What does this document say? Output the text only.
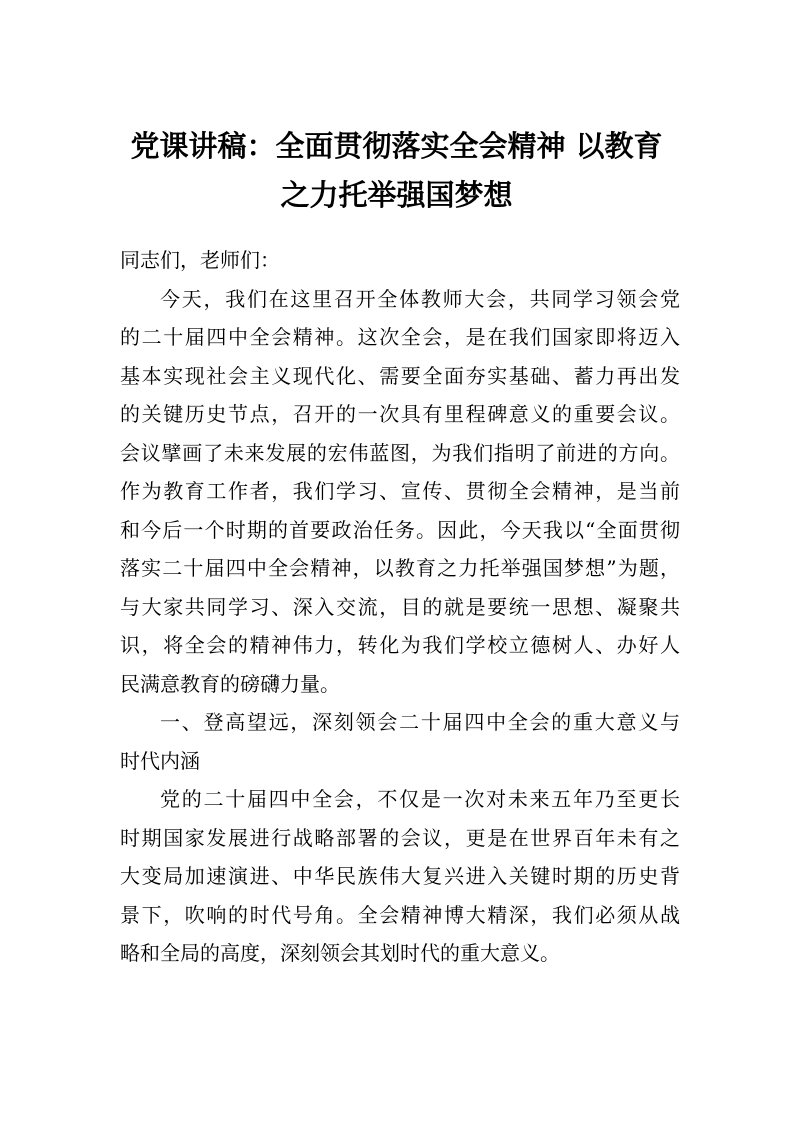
党课讲稿：全面贯彻落实全会精神 以教育
之力托举强国梦想
同志们，老师们：
今天，我们在这里召开全体教师大会，共同学习领会党
的二十届四中全会精神。这次全会，是在我们国家即将迈入
基本实现社会主义现代化、需要全面夯实基础、蓄力再出发
的关键历史节点，召开的一次具有里程碑意义的重要会议。
会议擘画了未来发展的宏伟蓝图，为我们指明了前进的方向。
作为教育工作者，我们学习、宣传、贯彻全会精神，是当前
和今后一个时期的首要政治任务。因此，今天我以“全面贯彻
落实二十届四中全会精神，以教育之力托举强国梦想”为题，
与大家共同学习、深入交流，目的就是要统一思想、凝聚共
识，将全会的精神伟力，转化为我们学校立德树人、办好人
民满意教育的磅礴力量。
一、登高望远，深刻领会二十届四中全会的重大意义与
时代内涵
党的二十届四中全会，不仅是一次对未来五年乃至更长
时期国家发展进行战略部署的会议，更是在世界百年未有之
大变局加速演进、中华民族伟大复兴进入关键时期的历史背
景下，吹响的时代号角。全会精神博大精深，我们必须从战
略和全局的高度，深刻领会其划时代的重大意义。
